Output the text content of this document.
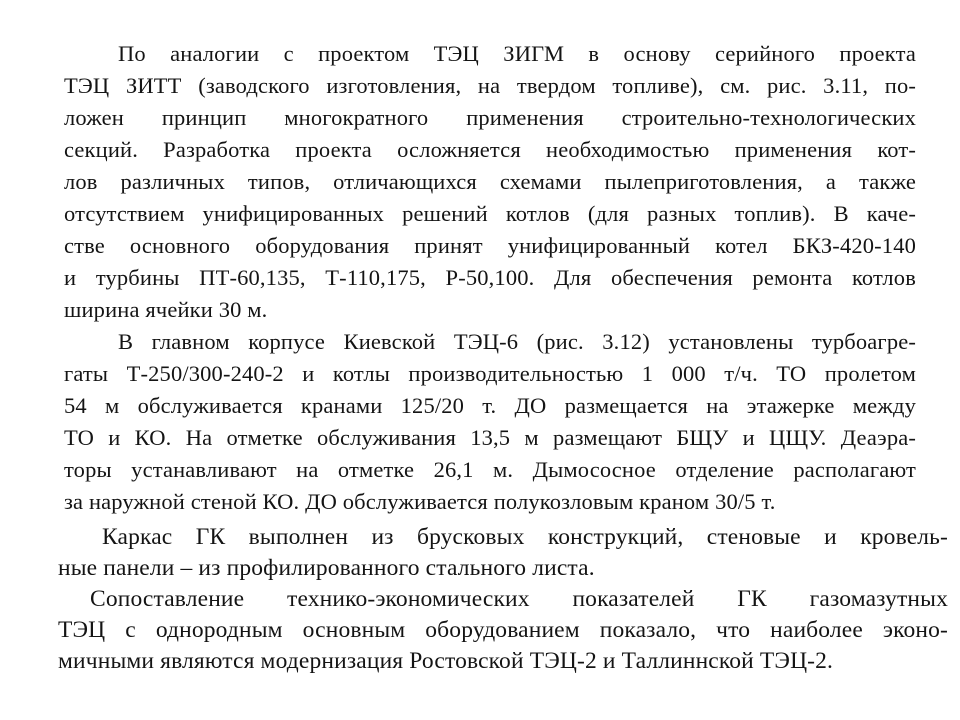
По аналогии с проектом ТЭЦ ЗИГМ в основу серийного проекта
ТЭЦ ЗИТТ (заводского изготовления, на твердом топливе), см. рис. 3.11, по-
ложен принцип многократного применения строительно-технологических
секций. Разработка проекта осложняется необходимостью применения кот-
лов различных типов, отличающихся схемами пылеприготовления, а также
отсутствием унифицированных решений котлов (для разных топлив). В каче-
стве основного оборудования принят унифицированный котел БКЗ-420-140
и турбины ПТ-60,135, Т-110,175, Р-50,100. Для обеспечения ремонта котлов
ширина ячейки 30 м.
В главном корпусе Киевской ТЭЦ-6 (рис. 3.12) установлены турбоагре-
гаты Т-250/300-240-2 и котлы производительностью 1 000 т/ч. ТО пролетом
54 м обслуживается кранами 125/20 т. ДО размещается на этажерке между
ТО и КО. На отметке обслуживания 13,5 м размещают БЩУ и ЦЩУ. Деаэра-
торы устанавливают на отметке 26,1 м. Дымососное отделение располагают
за наружной стеной КО. ДО обслуживается полукозловым краном 30/5 т.
Каркас ГК выполнен из брусковых конструкций, стеновые и кровель-
ные панели – из профилированного стального листа.
Сопоставление технико-экономических показателей ГК газомазутных
ТЭЦ с однородным основным оборудованием показало, что наиболее эконо-
мичными являются модернизация Ростовской ТЭЦ-2 и Таллиннской ТЭЦ-2.
